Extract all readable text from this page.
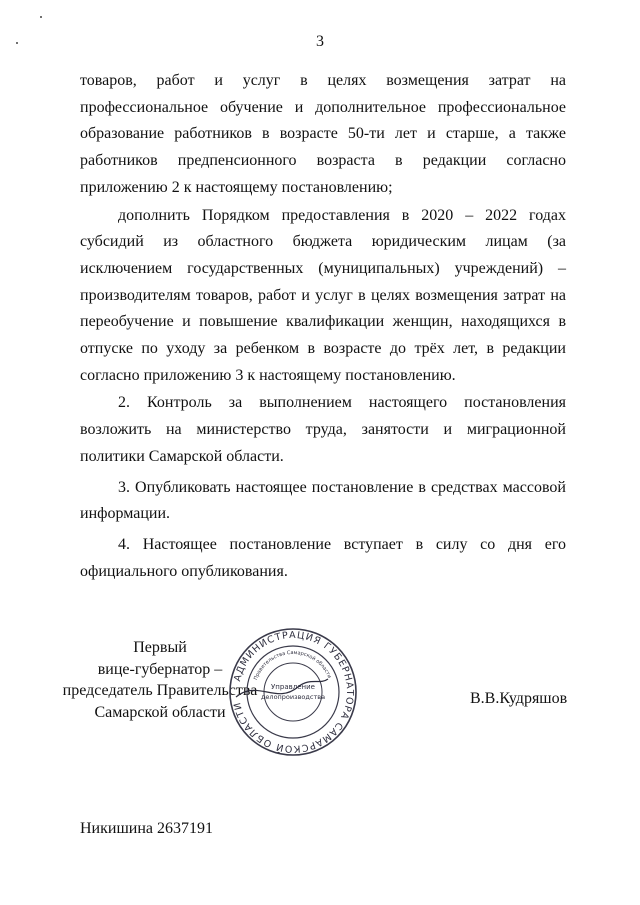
3

товаров, работ и услуг в целях возмещения затрат на профессиональное обучение и дополнительное профессиональное образование работников в возрасте 50-ти лет и старше, а также работников предпенсионного возраста в редакции согласно приложению 2 к настоящему постановлению;

дополнить Порядком предоставления в 2020 – 2022 годах субсидий из областного бюджета юридическим лицам (за исключением государственных (муниципальных) учреждений) – производителям товаров, работ и услуг в целях возмещения затрат на переобучение и повышение квалификации женщин, находящихся в отпуске по уходу за ребенком в возрасте до трёх лет, в редакции согласно приложению 3 к настоящему постановлению.

2. Контроль за выполнением настоящего постановления возложить на министерство труда, занятости и миграционной политики Самарской области.

3. Опубликовать настоящее постановление в средствах массовой информации.

4. Настоящее постановление вступает в силу со дня его официального опубликования.

Первый
вице-губернатор –
председатель Правительства
Самарской области
АДМИНИСТРАЦИЯ ГУБЕРНАТОРА САМАРСКОЙ ОБЛАСТИ
Правительства Самарской области
Управление
делопроизводства	В.В.Кудряшов
Никишина 2637191
